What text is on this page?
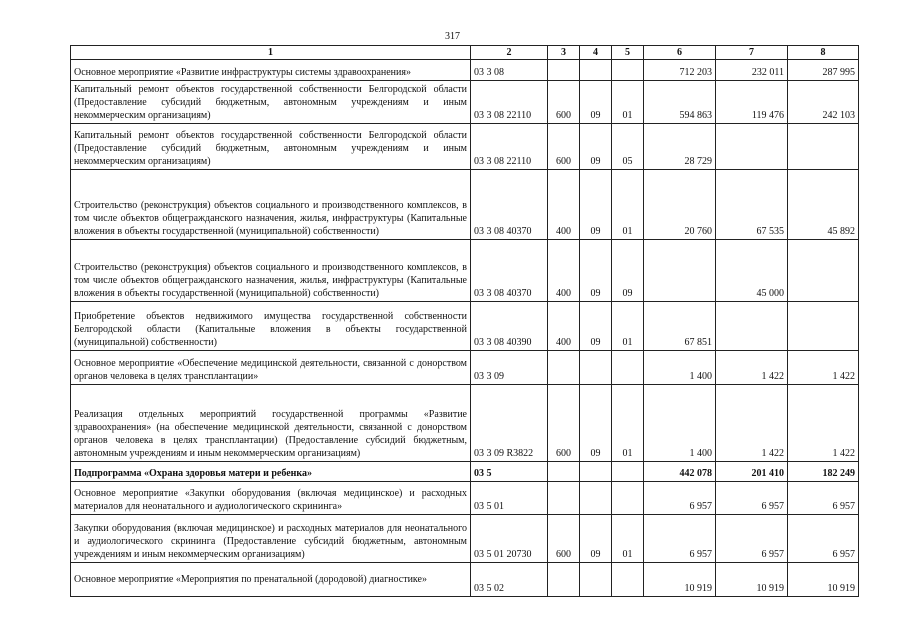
317
1	2	3	4	5	6	7	8
Основное мероприятие «Развитие инфраструктуры системы здравоохранения»	03 3 08				712 203	232 011	287 995
Капитальный ремонт объектов государственной собственности Белгородской области (Предоставление субсидий бюджетным, автономным учреждениям и иным некоммерческим организациям)	03 3 08 22110	600	09	01	594 863	119 476	242 103
Капитальный ремонт объектов государственной собственности Белгородской области (Предоставление субсидий бюджетным, автономным учреждениям и иным некоммерческим организациям)	03 3 08 22110	600	09	05	28 729		
Строительство (реконструкция) объектов социального и производственного комплексов, в том числе объектов общегражданского назначения, жилья, инфраструктуры (Капитальные вложения в объекты государственной (муниципальной) собственности)	03 3 08 40370	400	09	01	20 760	67 535	45 892
Строительство (реконструкция) объектов социального и производственного комплексов, в том числе объектов общегражданского назначения, жилья, инфраструктуры (Капитальные вложения в объекты государственной (муниципальной) собственности)	03 3 08 40370	400	09	09		45 000	
Приобретение объектов недвижимого имущества государственной собственности Белгородской области (Капитальные вложения в объекты государственной (муниципальной) собственности)	03 3 08 40390	400	09	01	67 851		
Основное мероприятие «Обеспечение медицинской деятельности, связанной с донорством органов человека в целях трансплантации»	03 3 09				1 400	1 422	1 422
Реализация отдельных мероприятий государственной программы «Развитие здравоохранения» (на обеспечение медицинской деятельности, связанной с донорством органов человека в целях трансплантации) (Предоставление субсидий бюджетным, автономным учреждениям и иным некоммерческим организациям)	03 3 09 R3822	600	09	01	1 400	1 422	1 422
Подпрограмма «Охрана здоровья матери и ребенка»	03 5				442 078	201 410	182 249
Основное мероприятие «Закупки оборудования (включая медицинское) и расходных материалов для неонатального и аудиологического скрининга»	03 5 01				6 957	6 957	6 957
Закупки оборудования (включая медицинское) и расходных материалов для неонатального и аудиологического скрининга (Предоставление субсидий бюджетным, автономным учреждениям и иным некоммерческим организациям)	03 5 01 20730	600	09	01	6 957	6 957	6 957
Основное мероприятие «Мероприятия по пренатальной (дородовой) диагностике»	03 5 02				10 919	10 919	10 919
